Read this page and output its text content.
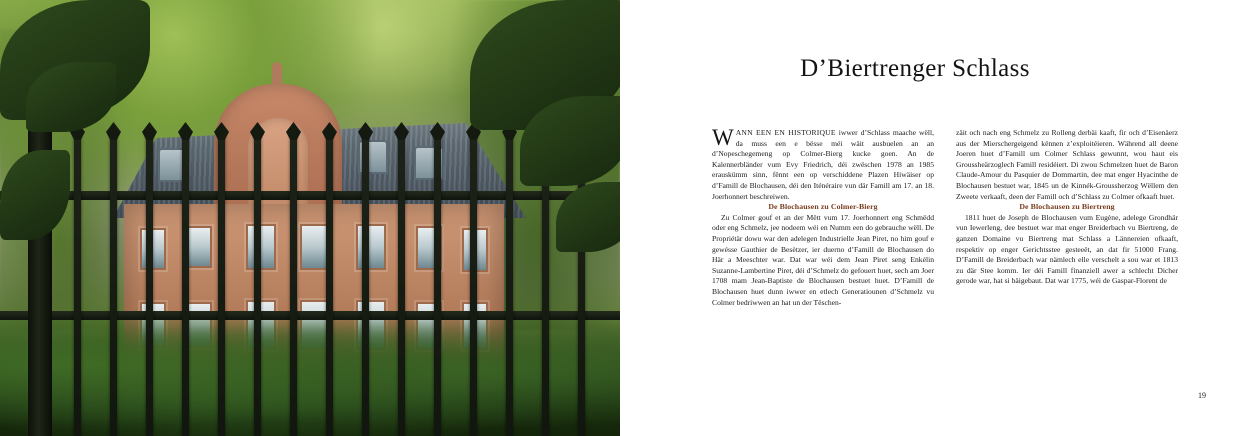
D’Biertrenger Schlass

WANN EEN EN HISTORIQUE iwwer d’Schlass maache wëll, da muss een e bësse méi wäit ausbuelen an an d’Nopeschegemeng op Colmer-Bierg kucke goen. An de Kalennerbländer vum Evy Friedrich, déi zwëschen 1978 an 1985 erauskümm sinn, fënnt een op verschiddene Plazen Hiwäiser op d’Famill de Blochausen, déi den Iténéraire vun där Famill am 17. an 18. Joerhonnert beschreiwen.

De Blochausen zu Colmer-Bierg

Zu Colmer gouf et an der Mëtt vum 17. Joerhonnert eng Schmëdd oder eng Schmelz, jee nodeem wéi en Numm een do gebrauche wëll. De Propriétär dowu war den adelegen Industrielle Jean Piret, no him gouf e gewésse Gauthier de Besètzer, ier duerno d’Famill de Blochausen do Här a Meeschter war. Dat war wéi dem Jean Piret seng Enkélin Suzanne-Lambertine Piret, déi d’Schmelz do gefouert huet, sech am Joer 1708 mam Jean-Baptiste de Blochausen bestuet huet. D’Famill de Blochausen huet dunn iwwer en etlech Generatiounen d’Schmelz vu Colmer bedriwwen an hat un der Tëschen-

zäit och nach eng Schmelz zu Rolleng derbäi kaaft, fir och d’Eisenäerz aus der Mierschergeigend kënnen z’exploitéieren. Während all deene Joeren huet d’Famill um Colmer Schlass gewunnt, wou haut eis Groussheärzoglech Famill residéiert. Di zwou Schmelzen huet de Baron Claude-Amour du Pasquier de Dommartin, dee mat enger Hyacinthe de Blochausen bestuet war, 1845 un de Kinnék-Groussherzog Wëllem den Zweete verkaaft, deen der Famill och d’Schlass zu Colmer ofkaaft huet.

De Blochausen zu Biertreng

1811 huet de Joseph de Blochausen vum Eugène, adelege Grondhär vun Iewerleng, dee bestuet war mat enger Breiderbach vu Biertreng, de ganzen Domaine vu Biertreng mat Schlass a Lännereien ofkaaft, respektiv op enger Gerichtsstee gesteeët, an dat fir 51000 Frang. D’Famill de Breiderbach war nämlech elle verschelt a sou war et 1813 zu där Stee komm. Ier déi Famill finanziell awer a schlecht Dicher gerode war, hat si bäigebaut. Dat war 1775, wéi de Gaspar-Florent de

19
